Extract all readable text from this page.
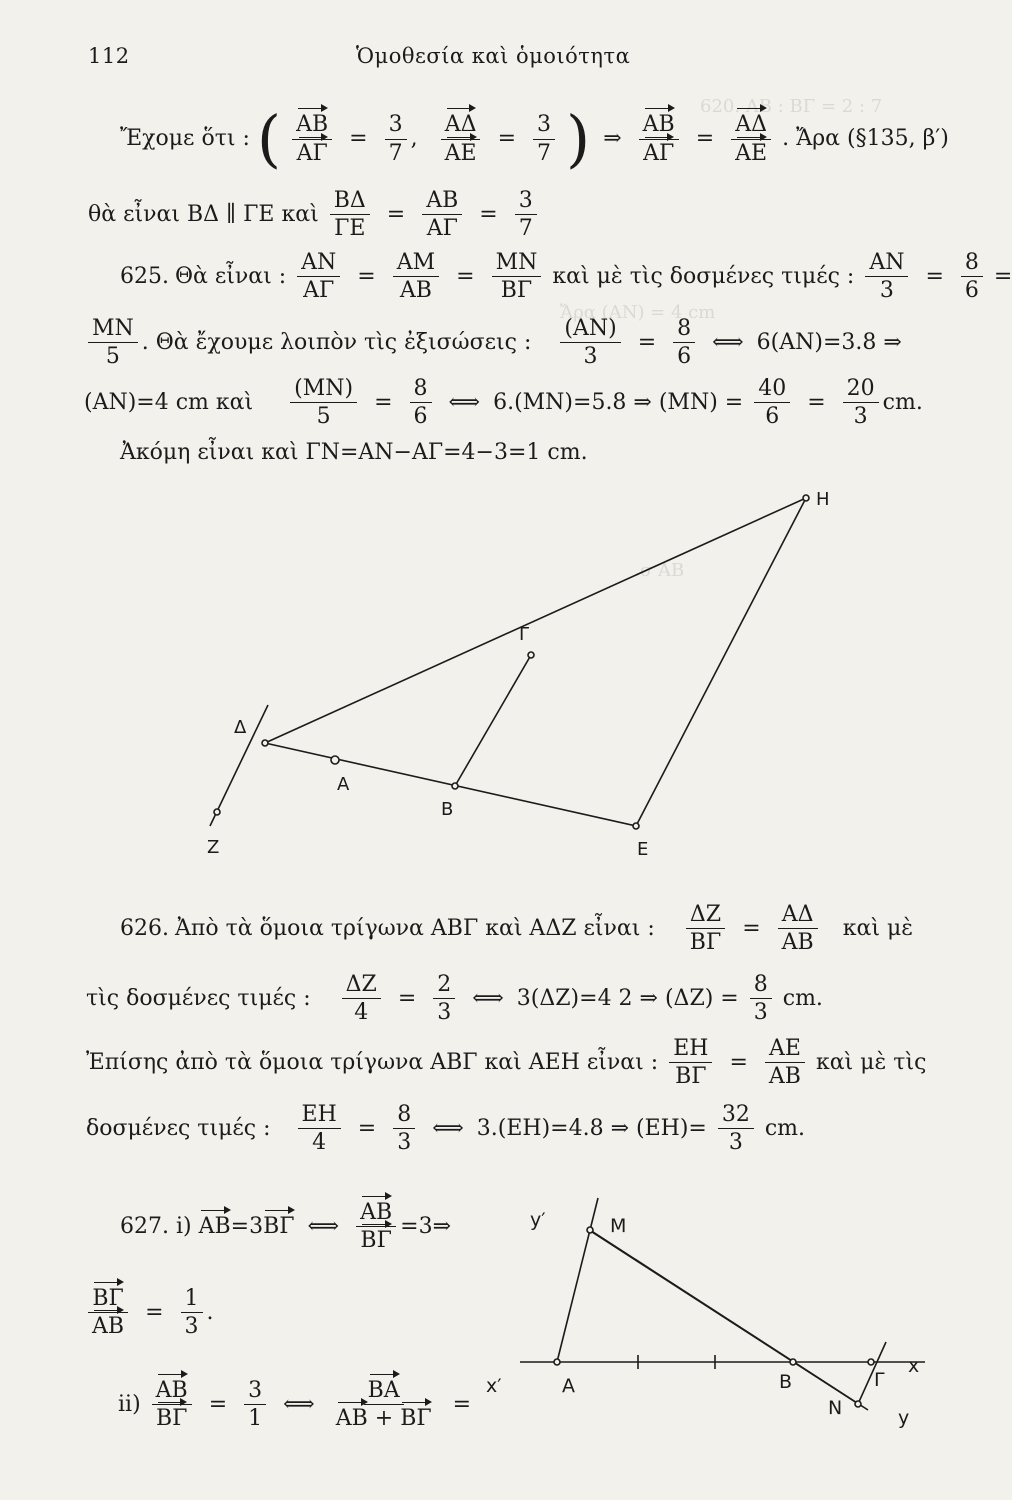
620. ΑΒ : ΒΓ = 2 : 7
Ἄρα (ΑΝ) = 4 cm
σ ΑΒ
112	Ὁμοθεσία καὶ ὁμοιότητα
Ἔχομε ὅτι : ( $\frac{AB}{A\Gamma} = \frac{3}{7}$ , $\frac{A\Delta}{AE} = \frac{3}{7}$ ) ⇒ $\frac{AB}{A\Gamma} = \frac{A\Delta}{AE}$ . Ἄρα (§135, β′)
θὰ εἶναι ΒΔ ∥ ΓΕ καὶ $\frac{B\Delta}{\Gamma E} = \frac{AB}{A\Gamma} = \frac{3}{7}$
625. Θὰ εἶναι : $\frac{AN}{A\Gamma} = \frac{AM}{AB} = \frac{MN}{B\Gamma}$ καὶ μὲ τὶς δοσμένες τιμές : $\frac{AN}{3} = \frac{8}{6}$ =
$\frac{MN}{5}$ . Θὰ ἔχουμε λοιπὸν τὶς ἐξισώσεις : $\frac{(AN)}{3} = \frac{8}{6}$ ⟺ 6(ΑΝ)=3.8 ⇒
(ΑΝ)=4 cm καὶ $\frac{(MN)}{5} = \frac{8}{6}$ ⟺ 6.(ΜΝ)=5.8 ⇒ $(MN) = \frac{40}{6} = \frac{20}{3}$ cm.
Ἀκόμη εἶναι καὶ ΓΝ=ΑΝ−ΑΓ=4−3=1 cm.
Η
Γ
Δ
Α
Β
Ε
Ζ
626. Ἀπὸ τὰ ὅμοια τρίγωνα ΑΒΓ καὶ ΑΔΖ εἶναι : $\frac{\Delta Z}{B\Gamma} = \frac{A\Delta}{AB}$ καὶ μὲ
τὶς δοσμένες τιμές : $\frac{\Delta Z}{4} = \frac{2}{3}$ ⟺ 3(ΔΖ)=4 2 ⇒ $(\Delta Z) = \frac{8}{3}$ cm.
Ἐπίσης ἀπὸ τὰ ὅμοια τρίγωνα ΑΒΓ καὶ ΑΕΗ εἶναι : $\frac{EH}{B\Gamma} = \frac{AE}{AB}$ καὶ μὲ τὶς
δοσμένες τιμές : $\frac{EH}{4} = \frac{8}{3}$ ⟺ 3.(ΕΗ)=4.8 ⇒ $(EH)= \frac{32}{3}$ cm.
627. i) ΑΒ=3ΒΓ ⟺ $\frac{AB}{B\Gamma}$ =3⇒
$\frac{B\Gamma}{AB} = \frac{1}{3}$ .
$ii) \frac{AB}{B\Gamma} = \frac{3}{1}$ ⟺ $\frac{BA}{AB + B\Gamma}$ =
y′	Μ
x′	Α	Β	Γ
Ν	y
x
